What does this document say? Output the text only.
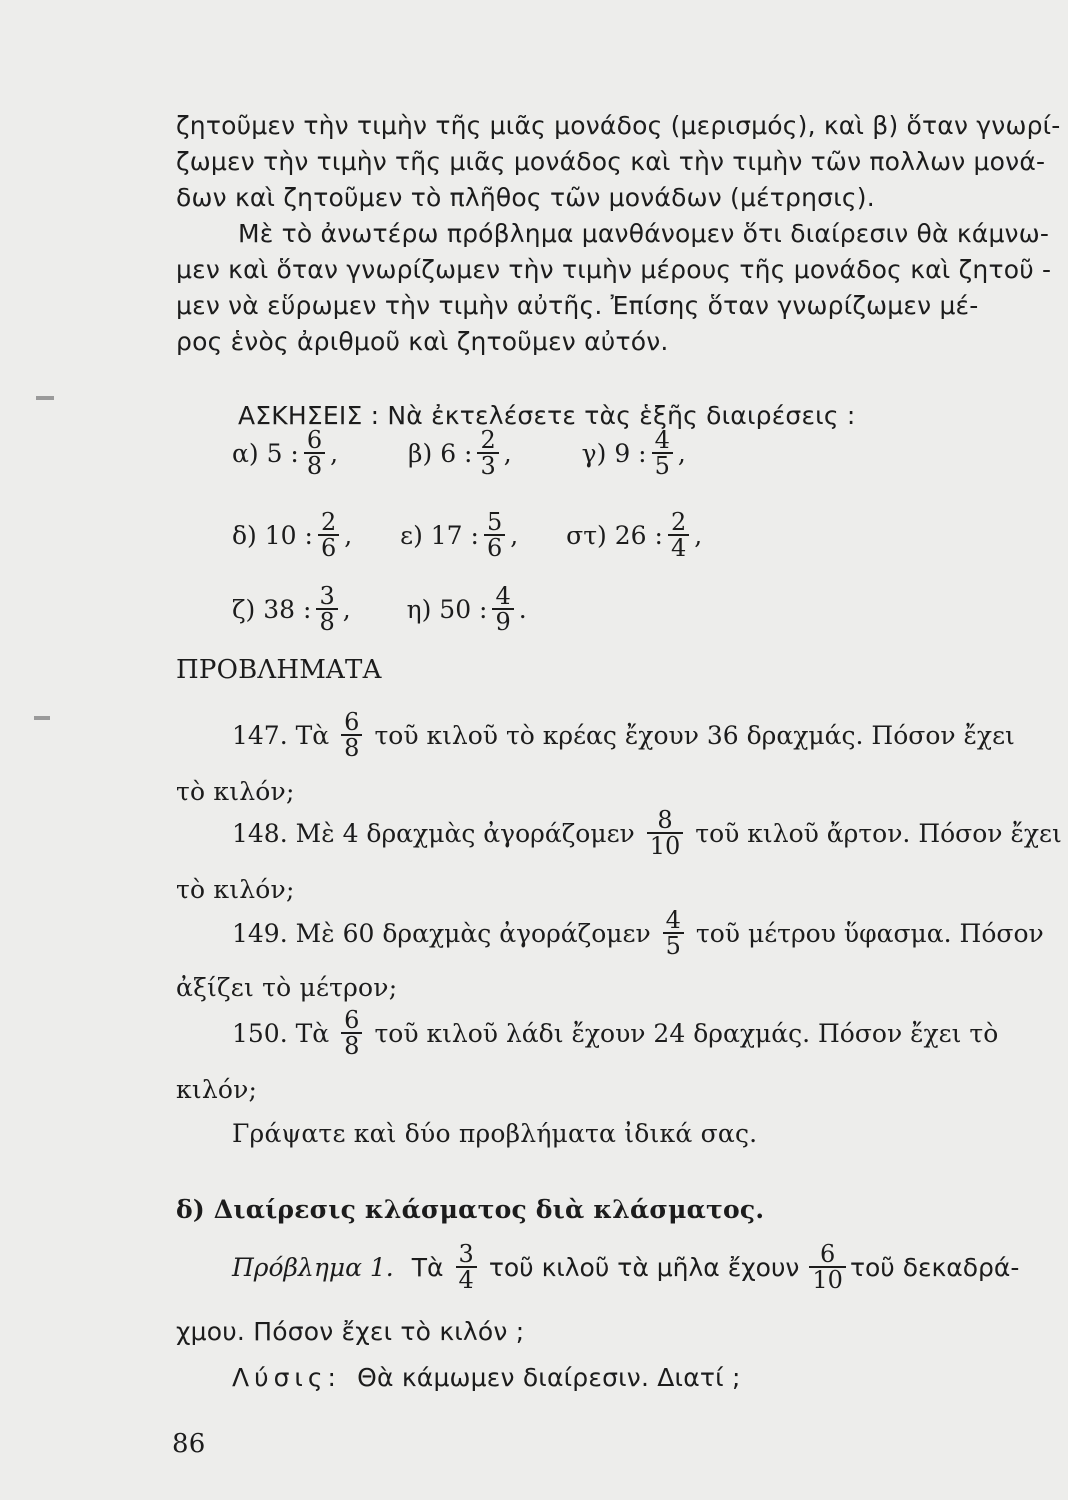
ζητοῦμεν τὴν τιμὴν τῆς μιᾶς μονάδος (μερισμός), καὶ β) ὅταν γνωρί-
ζωμεν τὴν τιμὴν τῆς μιᾶς μονάδος καὶ τὴν τιμὴν τῶν πολλων μονά-
δων καὶ ζητοῦμεν τὸ πλῆθος τῶν μονάδων (μέτρησις).
Μὲ τὸ ἀνωτέρω πρόβλημα μανθάνομεν ὅτι διαίρεσιν θὰ κάμνω-
μεν καὶ ὅταν γνωρίζωμεν τὴν τιμὴν μέρους τῆς μονάδος καὶ ζητοῦ -
μεν νὰ εὕρωμεν τὴν τιμὴν αὐτῆς. Ἐπίσης ὅταν γνωρίζωμεν μέ-
ρος ἑνὸς ἀριθμοῦ καὶ ζητοῦμεν αὐτόν.
ΑΣΚΗΣΕΙΣ : Νὰ ἐκτελέσετε τὰς ἑξῆς διαιρέσεις :
α) 5 : $\frac{6}{8}$ ,
	β) 6 : $\frac{2}{3}$ ,
	γ) 9 : $\frac{4}{5}$ ,
δ) 10 : $\frac{2}{6}$ ,
ε) 17 : $\frac{5}{6}$ ,
στ) 26 : $\frac{2}{4}$ ,
ζ) 38 : $\frac{3}{8}$ ,
η) 50 : $\frac{4}{9}$ .
ΠΡΟΒΛΗΜΑΤΑ
147. Τὰ $\frac{6}{8}$ τοῦ κιλοῦ τὸ κρέας ἔχουν 36 δραχμάς. Πόσον ἔχει
τὸ κιλόν;
148. Μὲ 4 δραχμὰς ἀγοράζομεν $\frac{8}{10}$ τοῦ κιλοῦ ἄρτον. Πόσον ἔχει
τὸ κιλόν;
149. Μὲ 60 δραχμὰς ἀγοράζομεν $\frac{4}{5}$ τοῦ μέτρου ὕφασμα. Πόσον
ἀξίζει τὸ μέτρον;
150. Τὰ $\frac{6}{8}$ τοῦ κιλοῦ λάδι ἔχουν 24 δραχμάς. Πόσον ἔχει τὸ
κιλόν;
Γράψατε καὶ δύο προβλήματα ἰδικά σας.
δ) Διαίρεσις κλάσματος διὰ κλάσματος.
Πρόβλημα 1. Τὰ $\frac{3}{4}$ τοῦ κιλοῦ τὰ μῆλα ἔχουν $\frac{6}{10}$ τοῦ δεκαδρά-
χμου. Πόσον ἔχει τὸ κιλόν ;
Λύσις: Θὰ κάμωμεν διαίρεσιν. Διατί ;
86
